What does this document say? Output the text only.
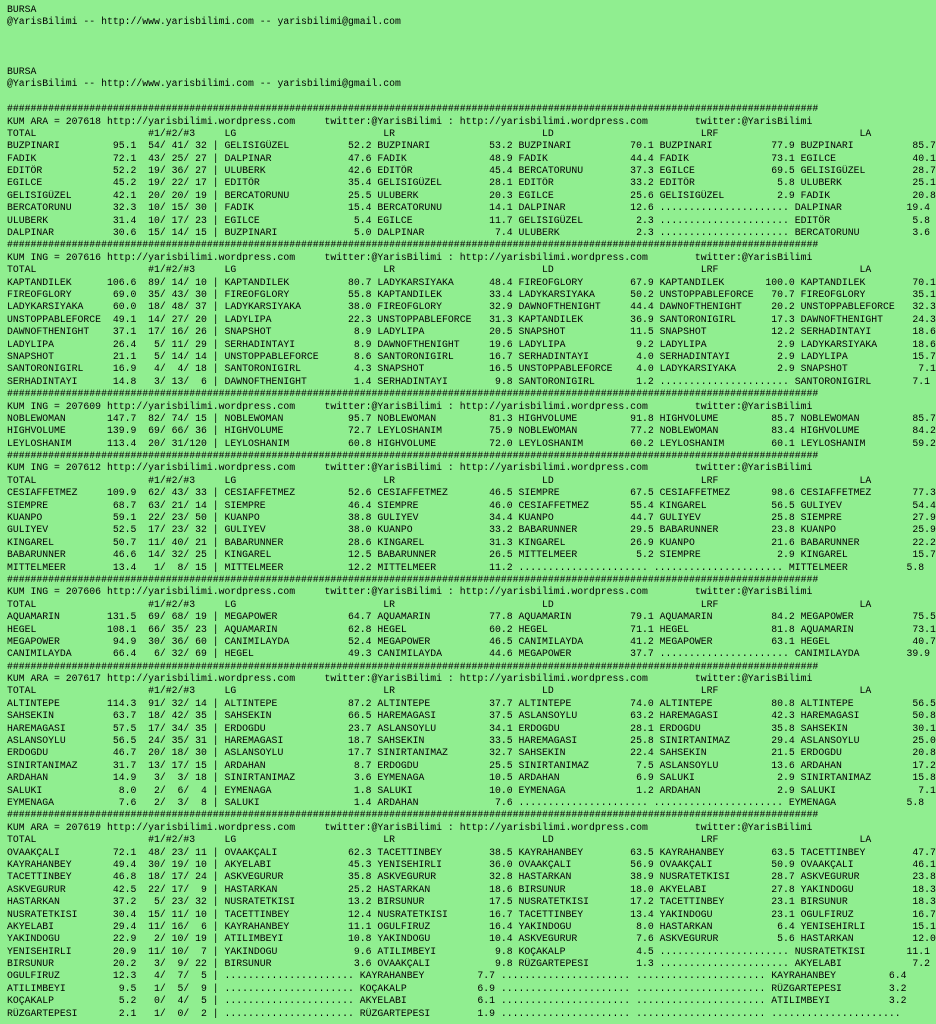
BURSA
@YarisBilimi -- http://www.yarisbilimi.com -- yarisbilimi@gmail.com
BURSA
@YarisBilimi -- http://www.yarisbilimi.com -- yarisbilimi@gmail.com
##########################################################################################################################################
KUM ARA = 207618 http://yarisbilimi.wordpress.com     twitter:@YarisBilimi : http://yarisbilimi.wordpress.com        twitter:@YarisBilimi
TOTAL                   #1/#2/#3     LG                         LR                         LD                         LRF                        LA
BUZPINARI         95.1  54/ 41/ 32 | GELISIGÜZEL          52.2 BUZPINARI          53.2 BUZPINARI          70.1 BUZPINARI          77.9 BUZPINARI          85.7
FADIK             72.1  43/ 25/ 27 | DALPINAR             47.6 FADIK              48.9 FADIK              44.4 FADIK              73.1 EGILCE             40.1
EDITÖR            52.2  19/ 36/ 27 | ULUBERK              42.6 EDITÖR             45.4 BERCATORUNU        37.3 EGILCE             69.5 GELISIGÜZEL        28.7
EGILCE            45.2  19/ 22/ 17 | EDITÖR               35.4 GELISIGÜZEL        28.1 EDITÖR             33.2 EDITÖR              5.8 ULUBERK            25.1
GELISIGÜZEL       42.1  20/ 20/ 19 | BERCATORUNU          25.5 ULUBERK            20.3 EGILCE             25.6 GELISIGÜZEL         2.9 FADIK              20.8
BERCATORUNU       32.3  10/ 15/ 30 | FADIK                15.4 BERCATORUNU        14.1 DALPINAR           12.6 ...................... DALPINAR           19.4
ULUBERK           31.4  10/ 17/ 23 | EGILCE                5.4 EGILCE             11.7 GELISIGÜZEL         2.3 ...................... EDITÖR              5.8
DALPINAR          30.6  15/ 14/ 15 | BUZPINARI             5.0 DALPINAR            7.4 ULUBERK             2.3 ...................... BERCATORUNU         3.6
##########################################################################################################################################
KUM ING = 207616 http://yarisbilimi.wordpress.com     twitter:@YarisBilimi : http://yarisbilimi.wordpress.com        twitter:@YarisBilimi
TOTAL                   #1/#2/#3     LG                         LR                         LD                         LRF                        LA
KAPTANDILEK      106.6  89/ 14/ 10 | KAPTANDILEK          80.7 LADYKARSIYAKA      48.4 FIREOFGLORY        67.9 KAPTANDILEK       100.0 KAPTANDILEK        70.1
FIREOFGLORY       69.0  35/ 43/ 30 | FIREOFGLORY          55.8 KAPTANDILEK        33.4 LADYKARSIYAKA      50.2 UNSTOPPABLEFORCE   70.7 FIREOFGLORY        35.1
LADYKARSIYAKA     60.0  18/ 48/ 37 | LADYKARSIYAKA        38.0 FIREOFGLORY        32.9 DAWNOFTHENIGHT     44.4 DAWNOFTHENIGHT     20.2 UNSTOPPABLEFORCE   32.3
UNSTOPPABLEFORCE  49.1  14/ 27/ 20 | LADYLIPA             22.3 UNSTOPPABLEFORCE   31.3 KAPTANDILEK        36.9 SANTORONIGIRL      17.3 DAWNOFTHENIGHT     24.3
DAWNOFTHENIGHT    37.1  17/ 16/ 26 | SNAPSHOT              8.9 LADYLIPA           20.5 SNAPSHOT           11.5 SNAPSHOT           12.2 SERHADINTAYI       18.6
LADYLIPA          26.4   5/ 11/ 29 | SERHADINTAYI          8.9 DAWNOFTHENIGHT     19.6 LADYLIPA            9.2 LADYLIPA            2.9 LADYKARSIYAKA      18.6
SNAPSHOT          21.1   5/ 14/ 14 | UNSTOPPABLEFORCE      8.6 SANTORONIGIRL      16.7 SERHADINTAYI        4.0 SERHADINTAYI        2.9 LADYLIPA           15.7
SANTORONIGIRL     16.9   4/  4/ 18 | SANTORONIGIRL         4.3 SNAPSHOT           16.5 UNSTOPPABLEFORCE    4.0 LADYKARSIYAKA       2.9 SNAPSHOT            7.1
SERHADINTAYI      14.8   3/ 13/  6 | DAWNOFTHENIGHT        1.4 SERHADINTAYI        9.8 SANTORONIGIRL       1.2 ...................... SANTORONIGIRL       7.1
##########################################################################################################################################
KUM ING = 207609 http://yarisbilimi.wordpress.com     twitter:@YarisBilimi : http://yarisbilimi.wordpress.com        twitter:@YarisBilimi
NOBLEWOMAN       147.7  82/ 74/ 15 | NOBLEWOMAN           95.7 NOBLEWOMAN         81.3 HIGHVOLUME         91.8 HIGHVOLUME         85.7 NOBLEWOMAN         85.7
HIGHVOLUME       139.9  69/ 66/ 36 | HIGHVOLUME           72.7 LEYLOSHANIM        75.9 NOBLEWOMAN         77.2 NOBLEWOMAN         83.4 HIGHVOLUME         84.2
LEYLOSHANIM      113.4  20/ 31/120 | LEYLOSHANIM          60.8 HIGHVOLUME         72.0 LEYLOSHANIM        60.2 LEYLOSHANIM        60.1 LEYLOSHANIM        59.2
##########################################################################################################################################
KUM ING = 207612 http://yarisbilimi.wordpress.com     twitter:@YarisBilimi : http://yarisbilimi.wordpress.com        twitter:@YarisBilimi
TOTAL                   #1/#2/#3     LG                         LR                         LD                         LRF                        LA
CESIAFFETMEZ     109.9  62/ 43/ 33 | CESIAFFETMEZ         52.6 CESIAFFETMEZ       46.5 SIEMPRE            67.5 CESIAFFETMEZ       98.6 CESIAFFETMEZ       77.3
SIEMPRE           68.7  63/ 21/ 14 | SIEMPRE              46.4 SIEMPRE            46.0 CESIAFFETMEZ       55.4 KINGAREL           56.5 GULIYEV            54.4
KUANPO            59.1  22/ 23/ 50 | KUANPO               38.8 GULIYEV            34.4 KUANPO             44.7 GULIYEV            25.8 SIEMPRE            27.9
GULIYEV           52.5  17/ 23/ 32 | GULIYEV              38.0 KUANPO             33.2 BABARUNNER         29.5 BABARUNNER         23.8 KUANPO             25.9
KINGAREL          50.7  11/ 40/ 21 | BABARUNNER           28.6 KINGAREL           31.3 KINGAREL           26.9 KUANPO             21.6 BABARUNNER         22.2
BABARUNNER        46.6  14/ 32/ 25 | KINGAREL             12.5 BABARUNNER         26.5 MITTELMEER          5.2 SIEMPRE             2.9 KINGAREL           15.7
MITTELMEER        13.4   1/  8/ 15 | MITTELMEER           12.2 MITTELMEER         11.2 ...................... ...................... MITTELMEER          5.8
##########################################################################################################################################
KUM ING = 207606 http://yarisbilimi.wordpress.com     twitter:@YarisBilimi : http://yarisbilimi.wordpress.com        twitter:@YarisBilimi
TOTAL                   #1/#2/#3     LG                         LR                         LD                         LRF                        LA
AQUAMARIN        131.5  69/ 68/ 19 | MEGAPOWER            64.7 AQUAMARIN          77.8 AQUAMARIN          79.1 AQUAMARIN          84.2 MEGAPOWER          75.5
HEGEL            108.1  66/ 35/ 23 | AQUAMARIN            62.8 HEGEL              60.2 HEGEL              71.1 HEGEL              81.8 AQUAMARIN          73.1
MEGAPOWER         94.9  30/ 36/ 60 | CANIMILAYDA          52.4 MEGAPOWER          46.5 CANIMILAYDA        41.2 MEGAPOWER          63.1 HEGEL              40.7
CANIMILAYDA       66.4   6/ 32/ 69 | HEGEL                49.3 CANIMILAYDA        44.6 MEGAPOWER          37.7 ...................... CANIMILAYDA        39.9
##########################################################################################################################################
KUM ARA = 207617 http://yarisbilimi.wordpress.com     twitter:@YarisBilimi : http://yarisbilimi.wordpress.com        twitter:@YarisBilimi
TOTAL                   #1/#2/#3     LG                         LR                         LD                         LRF                        LA
ALTINTEPE        114.3  91/ 32/ 14 | ALTINTEPE            87.2 ALTINTEPE          37.7 ALTINTEPE          74.0 ALTINTEPE          80.8 ALTINTEPE          56.5
SAHSEKIN          63.7  18/ 42/ 35 | SAHSEKIN             66.5 HAREMAGASI         37.5 ASLANSOYLU         63.2 HAREMAGASI         42.3 HAREMAGASI         50.8
HAREMAGASI        57.5  17/ 34/ 35 | ERDOGDU              23.7 ASLANSOYLU         34.1 ERDOGDU            28.1 ERDOGDU            35.8 SAHSEKIN           30.1
ASLANSOYLU        56.5  24/ 35/ 31 | HAREMAGASI           18.7 SAHSEKIN           33.5 HAREMAGASI         25.8 SINIRTANIMAZ       29.4 ASLANSOYLU         25.0
ERDOGDU           46.7  20/ 18/ 30 | ASLANSOYLU           17.7 SINIRTANIMAZ       32.7 SAHSEKIN           22.4 SAHSEKIN           21.5 ERDOGDU            20.8
SINIRTANIMAZ      31.7  13/ 17/ 15 | ARDAHAN               8.7 ERDOGDU            25.5 SINIRTANIMAZ        7.5 ASLANSOYLU         13.6 ARDAHAN            17.2
ARDAHAN           14.9   3/  3/ 18 | SINIRTANIMAZ          3.6 EYMENAGA           10.5 ARDAHAN             6.9 SALUKI              2.9 SINIRTANIMAZ       15.8
SALUKI             8.0   2/  6/  4 | EYMENAGA              1.8 SALUKI             10.0 EYMENAGA            1.2 ARDAHAN             2.9 SALUKI              7.1
EYMENAGA           7.6   2/  3/  8 | SALUKI                1.4 ARDAHAN             7.6 ...................... ...................... EYMENAGA            5.8
##########################################################################################################################################
KUM ARA = 207619 http://yarisbilimi.wordpress.com     twitter:@YarisBilimi : http://yarisbilimi.wordpress.com        twitter:@YarisBilimi
TOTAL                   #1/#2/#3     LG                         LR                         LD                         LRF                        LA
OVAAKÇALI         72.1  48/ 23/ 11 | OVAAKÇALI            62.3 TACETTINBEY        38.5 KAYRAHANBEY        63.5 KAYRAHANBEY        63.5 TACETTINBEY        47.7
KAYRAHANBEY       49.4  30/ 19/ 10 | AKYELABI             45.3 YENISEHIRLI        36.0 OVAAKÇALI          56.9 OVAAKÇALI          50.9 OVAAKÇALI          46.1
TACETTINBEY       46.8  18/ 17/ 24 | ASKVEGURUR           35.8 ASKVEGURUR         32.8 HASTARKAN          38.9 NUSRATETKISI       28.7 ASKVEGURUR         23.8
ASKVEGURUR        42.5  22/ 17/  9 | HASTARKAN            25.2 HASTARKAN          18.6 BIRSUNUR           18.0 AKYELABI           27.8 YAKINDOGU          18.3
HASTARKAN         37.2   5/ 23/ 32 | NUSRATETKISI         13.2 BIRSUNUR           17.5 NUSRATETKISI       17.2 TACETTINBEY        23.1 BIRSUNUR           18.3
NUSRATETKISI      30.4  15/ 11/ 10 | TACETTINBEY          12.4 NUSRATETKISI       16.7 TACETTINBEY        13.4 YAKINDOGU          23.1 OGULFIRUZ          16.7
AKYELABI          29.4  11/ 16/  6 | KAYRAHANBEY          11.1 OGULFIRUZ          16.4 YAKINDOGU           8.0 HASTARKAN           6.4 YENISEHIRLI        15.1
YAKINDOGU         22.9   2/ 10/ 19 | ATILIMBEYI           10.8 YAKINDOGU          10.4 ASKVEGURUR          7.6 ASKVEGURUR          5.6 HASTARKAN          12.0
YENISEHIRLI       20.9  11/ 10/  7 | YAKINDOGU             9.6 ATILIMBEYI          9.8 KOÇAKALP            4.5 ...................... NUSRATETKISI       11.1
BIRSUNUR          20.2   3/  9/ 22 | BIRSUNUR              3.6 OVAAKÇALI           9.8 RÜZGARTEPESI        1.3 ...................... AKYELABI            7.2
OGULFIRUZ         12.3   4/  7/  5 | ...................... KAYRAHANBEY         7.7 ...................... ...................... KAYRAHANBEY         6.4
ATILIMBEYI         9.5   1/  5/  9 | ...................... KOÇAKALP            6.9 ...................... ...................... RÜZGARTEPESI        3.2
KOÇAKALP           5.2   0/  4/  5 | ...................... AKYELABI            6.1 ...................... ...................... ATILIMBEYI          3.2
RÜZGARTEPESI       2.1   1/  0/  2 | ...................... RÜZGARTEPESI        1.9 ...................... ...................... ......................
